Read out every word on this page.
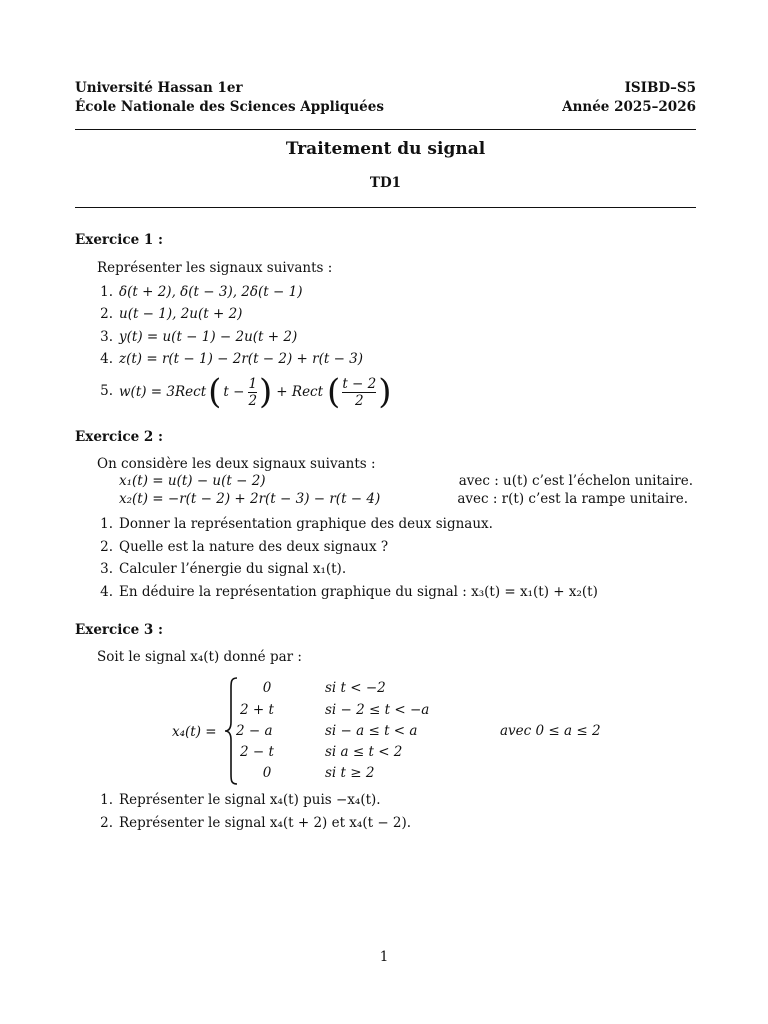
Université Hassan 1er
École Nationale des Sciences Appliquées
ISIBD–S5
Année 2025–2026
Traitement du signal
TD1
Exercice 1 :
Représenter les signaux suivants :
1. δ(t + 2), δ(t − 3), 2δ(t − 1)
2. u(t − 1), 2u(t + 2)
3. y(t) = u(t − 1) − 2u(t + 2)
4. z(t) = r(t − 1) − 2r(t − 2) + r(t − 3)
5. w(t) = 3Rect ( $t - \frac{1}{2}$ ) + Rect ( $\frac{t - 2}{2}$ )
Exercice 2 :
On considère les deux signaux suivants :
x₁(t) = u(t) − u(t − 2)	avec : u(t) c’est l’échelon unitaire.
x₂(t) = −r(t − 2) + 2r(t − 3) − r(t − 4)	avec : r(t) c’est la rampe unitaire.
1. Donner la représentation graphique des deux signaux.
2. Quelle est la nature des deux signaux ?
3. Calculer l’énergie du signal x₁(t).
4. En déduire la représentation graphique du signal : x₃(t) = x₁(t) + x₂(t)
Exercice 3 :
Soit le signal x₄(t) donné par :
x₄(t) =
0	si t < −2
2 + t	si − 2 ≤ t < −a
2 − a	si − a ≤ t < a
2 − t	si a ≤ t < 2
0	si t ≥ 2
avec 0 ≤ a ≤ 2
1. Représenter le signal x₄(t) puis −x₄(t).
2. Représenter le signal x₄(t + 2) et x₄(t − 2).
1
